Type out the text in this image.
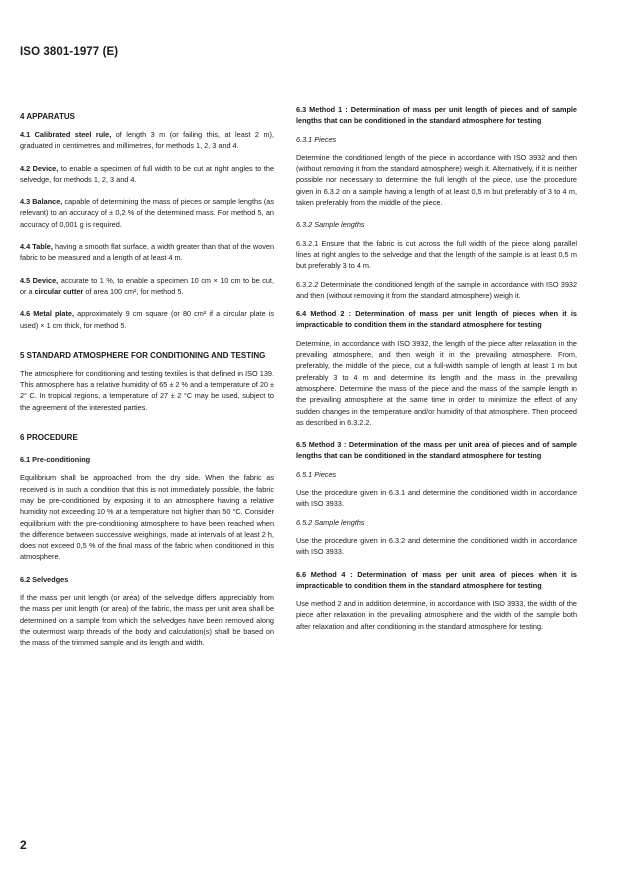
ISO 3801-1977 (E)

4 APPARATUS

4.1 Calibrated steel rule, of length 3 m (or failing this, at least 2 m), graduated in centimetres and millimetres, for methods 1, 2, 3 and 4.

4.2 Device, to enable a specimen of full width to be cut at right angles to the selvedge, for methods 1, 2, 3 and 4.

4.3 Balance, capable of determining the mass of pieces or sample lengths (as relevant) to an accuracy of ± 0,2 % of the determined mass. For method 5, an accuracy of 0,001 g is required.

4.4 Table, having a smooth flat surface, a width greater than that of the woven fabric to be measured and a length of at least 4 m.

4.5 Device, accurate to 1 %, to enable a specimen 10 cm × 10 cm to be cut, or a circular cutter of area 100 cm², for method 5.

4.6 Metal plate, approximately 9 cm square (or 80 cm² if a circular plate is used) × 1 cm thick, for method 5.

5 STANDARD ATMOSPHERE FOR CONDITIONING AND TESTING

The atmosphere for conditioning and testing textiles is that defined in ISO 139. This atmosphere has a relative humidity of 65 ± 2 % and a temperature of 20 ± 2° C. In tropical regions, a temperature of 27 ± 2 °C may be used, subject to the agreement of the interested parties.

6 PROCEDURE

6.1 Pre-conditioning

Equilibrium shall be approached from the dry side. When the fabric as received is in such a condition that this is not immediately possible, the fabric may be pre-conditioned by exposing it to an atmosphere having a relative humidity not exceeding 10 % at a temperature not higher than 50 °C. Consider equilibrium with the pre-conditioning atmosphere to have been reached when the difference between successive weighings, made at intervals of at least 2 h, does not exceed 0,5 % of the final mass of the fabric when conditioned in this atmosphere.

6.2 Selvedges

If the mass per unit length (or area) of the selvedge differs appreciably from the mass per unit length (or area) of the fabric, the mass per unit area shall be determined on a sample from which the selvedges have been removed along the outermost warp threads of the body and calculation(s) shall be based on the mass of the trimmed sample and its length and width.

6.3 Method 1 : Determination of mass per unit length of pieces and of sample lengths that can be conditioned in the standard atmosphere for testing

6.3.1 Pieces

Determine the conditioned length of the piece in accordance with ISO 3932 and then (without removing it from the standard atmosphere) weigh it. Alternatively, if it is neither possible nor necessary to determine the full length of the piece, use the procedure given in 6.3.2 on a sample having a length of at least 0,5 m but preferably of 3 to 4 m, taken preferably from the middle of the piece.

6.3.2 Sample lengths

6.3.2.1 Ensure that the fabric is cut across the full width of the piece along parallel lines at right angles to the selvedge and that the length of the sample is at least 0,5 m but preferably 3 to 4 m.

6.3.2.2 Determinate the conditioned length of the sample in accordance with ISO 3932 and then (without removing it from the standard atmosphere) weigh it.

6.4 Method 2 : Determination of mass per unit length of pieces when it is impracticable to condition them in the standard atmosphere for testing

Determine, in accordance with ISO 3932, the length of the piece after relaxation in the prevailing atmosphere, and then weigh it in the prevailing atmosphere. From, preferably, the middle of the piece, cut a full-width sample of length at least 1 m but preferably 3 to 4 m and determine its length and the mass in the prevailing atmosphere. Determine the mass of the piece and the mass of the sample length in the prevailing atmosphere at the same time in order to minimize the effect of any sudden changes in the temperature and/or humidity of that atmosphere. Then proceed as described in 6.3.2.2.

6.5 Method 3 : Determination of the mass per unit area of pieces and of sample lengths that can be conditioned in the standard atmosphere for testing

6.5.1 Pieces

Use the procedure given in 6.3.1 and determine the conditioned width in accordance with ISO 3933.

6.5.2 Sample lengths

Use the procedure given in 6.3.2 and determine the conditioned width in accordance with ISO 3933.

6.6 Method 4 : Determination of mass per unit area of pieces when it is impracticable to condition them in the standard atmosphere for testing

Use method 2 and in addition determine, in accordance with ISO 3933, the width of the piece after relaxation in the prevailing atmosphere and the width of the sample both after relaxation and after conditioning in the standard atmosphere for testing.

2
